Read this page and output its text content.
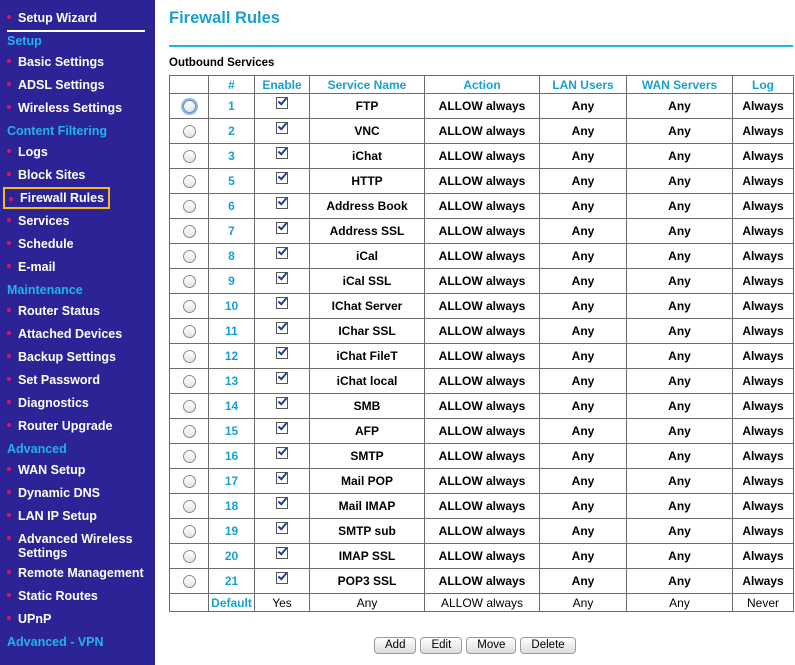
Setup Wizard
Setup
Basic Settings
ADSL Settings
Wireless Settings
Content Filtering
Logs
Block Sites
Firewall Rules
Services
Schedule
E-mail
Maintenance
Router Status
Attached Devices
Backup Settings
Set Password
Diagnostics
Router Upgrade
Advanced
WAN Setup
Dynamic DNS
LAN IP Setup
Advanced Wireless Settings
Remote Management
Static Routes
UPnP
Advanced - VPN
Firewall Rules
Outbound Services
	#	Enable	Service Name	Action	LAN Users	WAN Servers	Log
	1		FTP	ALLOW always	Any	Any	Always
	2		VNC	ALLOW always	Any	Any	Always
	3		iChat	ALLOW always	Any	Any	Always
	5		HTTP	ALLOW always	Any	Any	Always
	6		Address Book	ALLOW always	Any	Any	Always
	7		Address SSL	ALLOW always	Any	Any	Always
	8		iCal	ALLOW always	Any	Any	Always
	9		iCal SSL	ALLOW always	Any	Any	Always
	10		IChat Server	ALLOW always	Any	Any	Always
	11		IChar SSL	ALLOW always	Any	Any	Always
	12		iChat FileT	ALLOW always	Any	Any	Always
	13		iChat local	ALLOW always	Any	Any	Always
	14		SMB	ALLOW always	Any	Any	Always
	15		AFP	ALLOW always	Any	Any	Always
	16		SMTP	ALLOW always	Any	Any	Always
	17		Mail POP	ALLOW always	Any	Any	Always
	18		Mail IMAP	ALLOW always	Any	Any	Always
	19		SMTP sub	ALLOW always	Any	Any	Always
	20		IMAP SSL	ALLOW always	Any	Any	Always
	21		POP3 SSL	ALLOW always	Any	Any	Always
	Default	Yes	Any	ALLOW always	Any	Any	Never
Add Edit Move Delete
